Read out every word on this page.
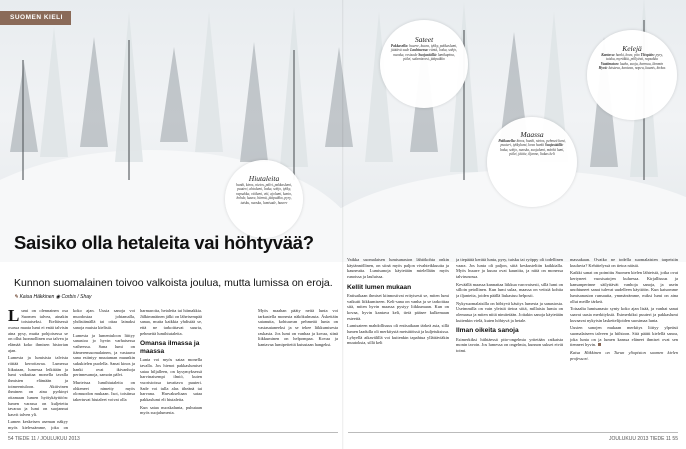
SUOMEN KIELI
Hiutaleita
hanki, kinos, nietos, pälvi, pakkaslumi, puuteri, ahtolumi, loska, sohjo, tykky, rapsakka, vitilumi, viti, ajolumi, kanto, hohde, kuura, härmä, jääpuikko, pyry, tuisku, nuoska, lumisade, huurre
Sateet
Pakkasella: huurre, kuura, tykky, pakkaslumi, jäätävä sade Lauhtuessa: räntä, loska, sohjo, nuoska, vesisade Suojasäällä: lumikapina, pälvi, sulamisvesi, jääpuikko
Kelejä
Kantava: hanki, kova, pito Ylöspäin: pyry, tuisku, myräkkä, pöllyävä, rapsakka Vaatimaton: lauha, suoja, harmaa, lämmin Hyvä: luistava, kantava, nopea, kaunis, kirkas
Maassa
Pakkasella: kinos, hanki, nietos, pehmeä lumi, puuteri, tykkylumi, kova hanki Suojasäällä: loska, sohjo, nuoska, suojalumi, märkä lumi, pälvi, jäätie, iljanne, liukas keli
Saisiko olla hetaleita vai höhtyvää?
Kunnon suomalainen toivoo valkoista joulua, mutta lumissa on eroja. ✎ Kaisa Häkkinen ◉ Corbis / Shay

Lumi on olennainen osa Suomen talvea, ainakin toistaiseksi. Eteläisessä osassa maata lumi ei enää talvisin aina pysy, mutta pohjoisessa se on ollut luonnollinen osa talvea ja elämää koko ihmisen historian ajan.

Lumesta ja lumisista talvista riittää kerrottavaa. Lumessa liikutaan, lumessa leikitään ja lumi vaikuttaa monella tavalla ihmisten elämään ja toimeentuloon. Aktiivinen ihminen on aina pyrkinyt ottamaan lumen hyötykäyttöön: lumen varassa on kuljetettu tavaraa ja lumi on suojannut kasvit talven yli.

Lumen keskeisen aseman näkyy myös kielessämme, joka on

koko ajan. Uusia sanoja voi muodostaa johtamalla, yhdistämällä tai ottaa lainaksi sanoja muista kielistä.

Lumesta ja lumentuloon liittyy sanastoa jo hyvin varhaisessa vaiheessa. Sana lumi on itämerensuomalainen, ja vastaava sana esiintyy muutaman muunkin sukukielen puolella. Sanat kinos ja hanki ovat ikivanhoja perinnesanoja, samoin pälvi.

Murteissa lumihiutaleita on ohkeneet nimetty myös olomuodon mukaan. Isot, toisiinsa takertuvat hiutaleet voivat olla

harmaroita, hetaleita tai hiimakkia. Jälkimmäinen jälki on läheisempää sanaa, mutta kaikkia yhdistää se, että ne tarkoittavat suuria, pehmeitä lumihiutaleita.

Omansa ilmassa ja maassa

Lunta voi myös sataa monella tavalla. Jos hienot pakkaslumiset sataa hiljalleen, on kysymyksessä harvinaisempi ilmiö, kuten vuoristoissa tavattava puuteri. Sade voi tulla alas tiheänä tai harvana. Harvakseltaan sataa pakkaslumi eli hiutaleita.

Kun sataa nuoskalunta, puhutaan myös suojalumesta.

Myös maahan pääty neitä lunta voi tarkastella monesta näkökulmasta. Äskettäin satanutta, kohtuuvan pehmeää lunta on vastasataneeksi ja se tekee liikkumisesta raskasta. Jos lumi on vanhaa ja kovaa, siinä liikkuminen on helpompaa. Kovaa ja kantavaa lumipeitettä kutsutaan hangeksi.

Vaikka suomalaisen lumisanaston lähtökohta onkin käytännöllinen, on siinä myös paljon vivahteikkuutta ja kauneutta. Lumisanoja käytetään mielellään myös runoissa ja lauluissa.

Kellit lumen mukaan

Entisaikaan ihmiset kiinnostivat erityisesti se, miten lumi vaikutti liikkumiseen. Keli-sana on vanha ja se tarkoittaa sitä, miten hyvin maassa pystyy liikkumaan. Kun on kovaa, hyvin kantava keli, tietä pääsee kulkemaan esteettä.

Lumisateen mahdollisuus oli entisaikaan tärkeä asia, sillä lumen laadulla oli merkitystä metsätöissä ja kuljetuksissa. Lyhyellä aikavälillä voi kuitenkin tapahtua yllättäviäkin muutoksia, sillä keli

ja tiepäätä kerätä lunta, pyry, tuisku tai ryöppy oli todellinen vaara. Jos lunta oli paljon, siitä keskusteltiin kaikkialla. Myös huurre ja kuura ovat kauniita, ja niitä on monessa talvirunossa.

Keväällä maassa kannattaa liikkua varovaisesti, sillä lumi on silloin petollinen. Kun lumi sulaa, maassa on vetisiä kohtia ja iljanteita, joiden päällä liukastuu helposti.

Nykysuomalaisilla on höhtyvä käsitys lumesta ja sanastosta. Useimmilla on vain yleistä tietoa siitä, millaisia lumia on olemassa ja miten niitä nimitetään. Joitakin sanoja käytetään kuitenkin vielä, kuten höhtyvä ja hetale.

Ilman oikeita sanoja

Esimerkiksi hiihtäessä pito-ongelmia yritetään ratkaista monin tavoin. Jos lumessa on ongelmia, kunnon sukset eivät toimi.

massakaan. Ovatko ne todella suomalaisten tarpeisiin kuuluvia? Kehittelyssä on tietoa näistä.

Kaikki sanat on poimittu Suomen kielen lähteistä, jotka ovat kertyneet vuosisatojen kuluessa. Kirjallisuus ja kansanperinne säilyttävät vanhoja sanoja, ja usein unohtuneet sanat tulevat uudelleen käyttöön. Kun katsomme lumisanaston runsautta, ymmärrämme, miksi lumi on aina ollut meille tärkeä.

Toisaalta lumisanasto synty koko ajan lisää, ja vanhat sanat saavat uusia merkityksiä. Esimerkiksi puuteri ja pakkaslumi kuvaavat nykyisin laskettelijoiden suosimaa lunta.

Uusien sanojen mukaan merkitys liittyy ylpeästi suomalaiseen talveen ja hiihtoon. Sitä päätti kielellä sanoa, joka lunta on ja lumen kanssa eläneet ihmiset ovat sen tienneet hyvin.

Kaisa Häkkinen on Turun yliopiston suomen kielen professori.

54 TIEDE 11 / JOULUKUU 2013	JOULUKUU 2013 TIEDE 11 55
